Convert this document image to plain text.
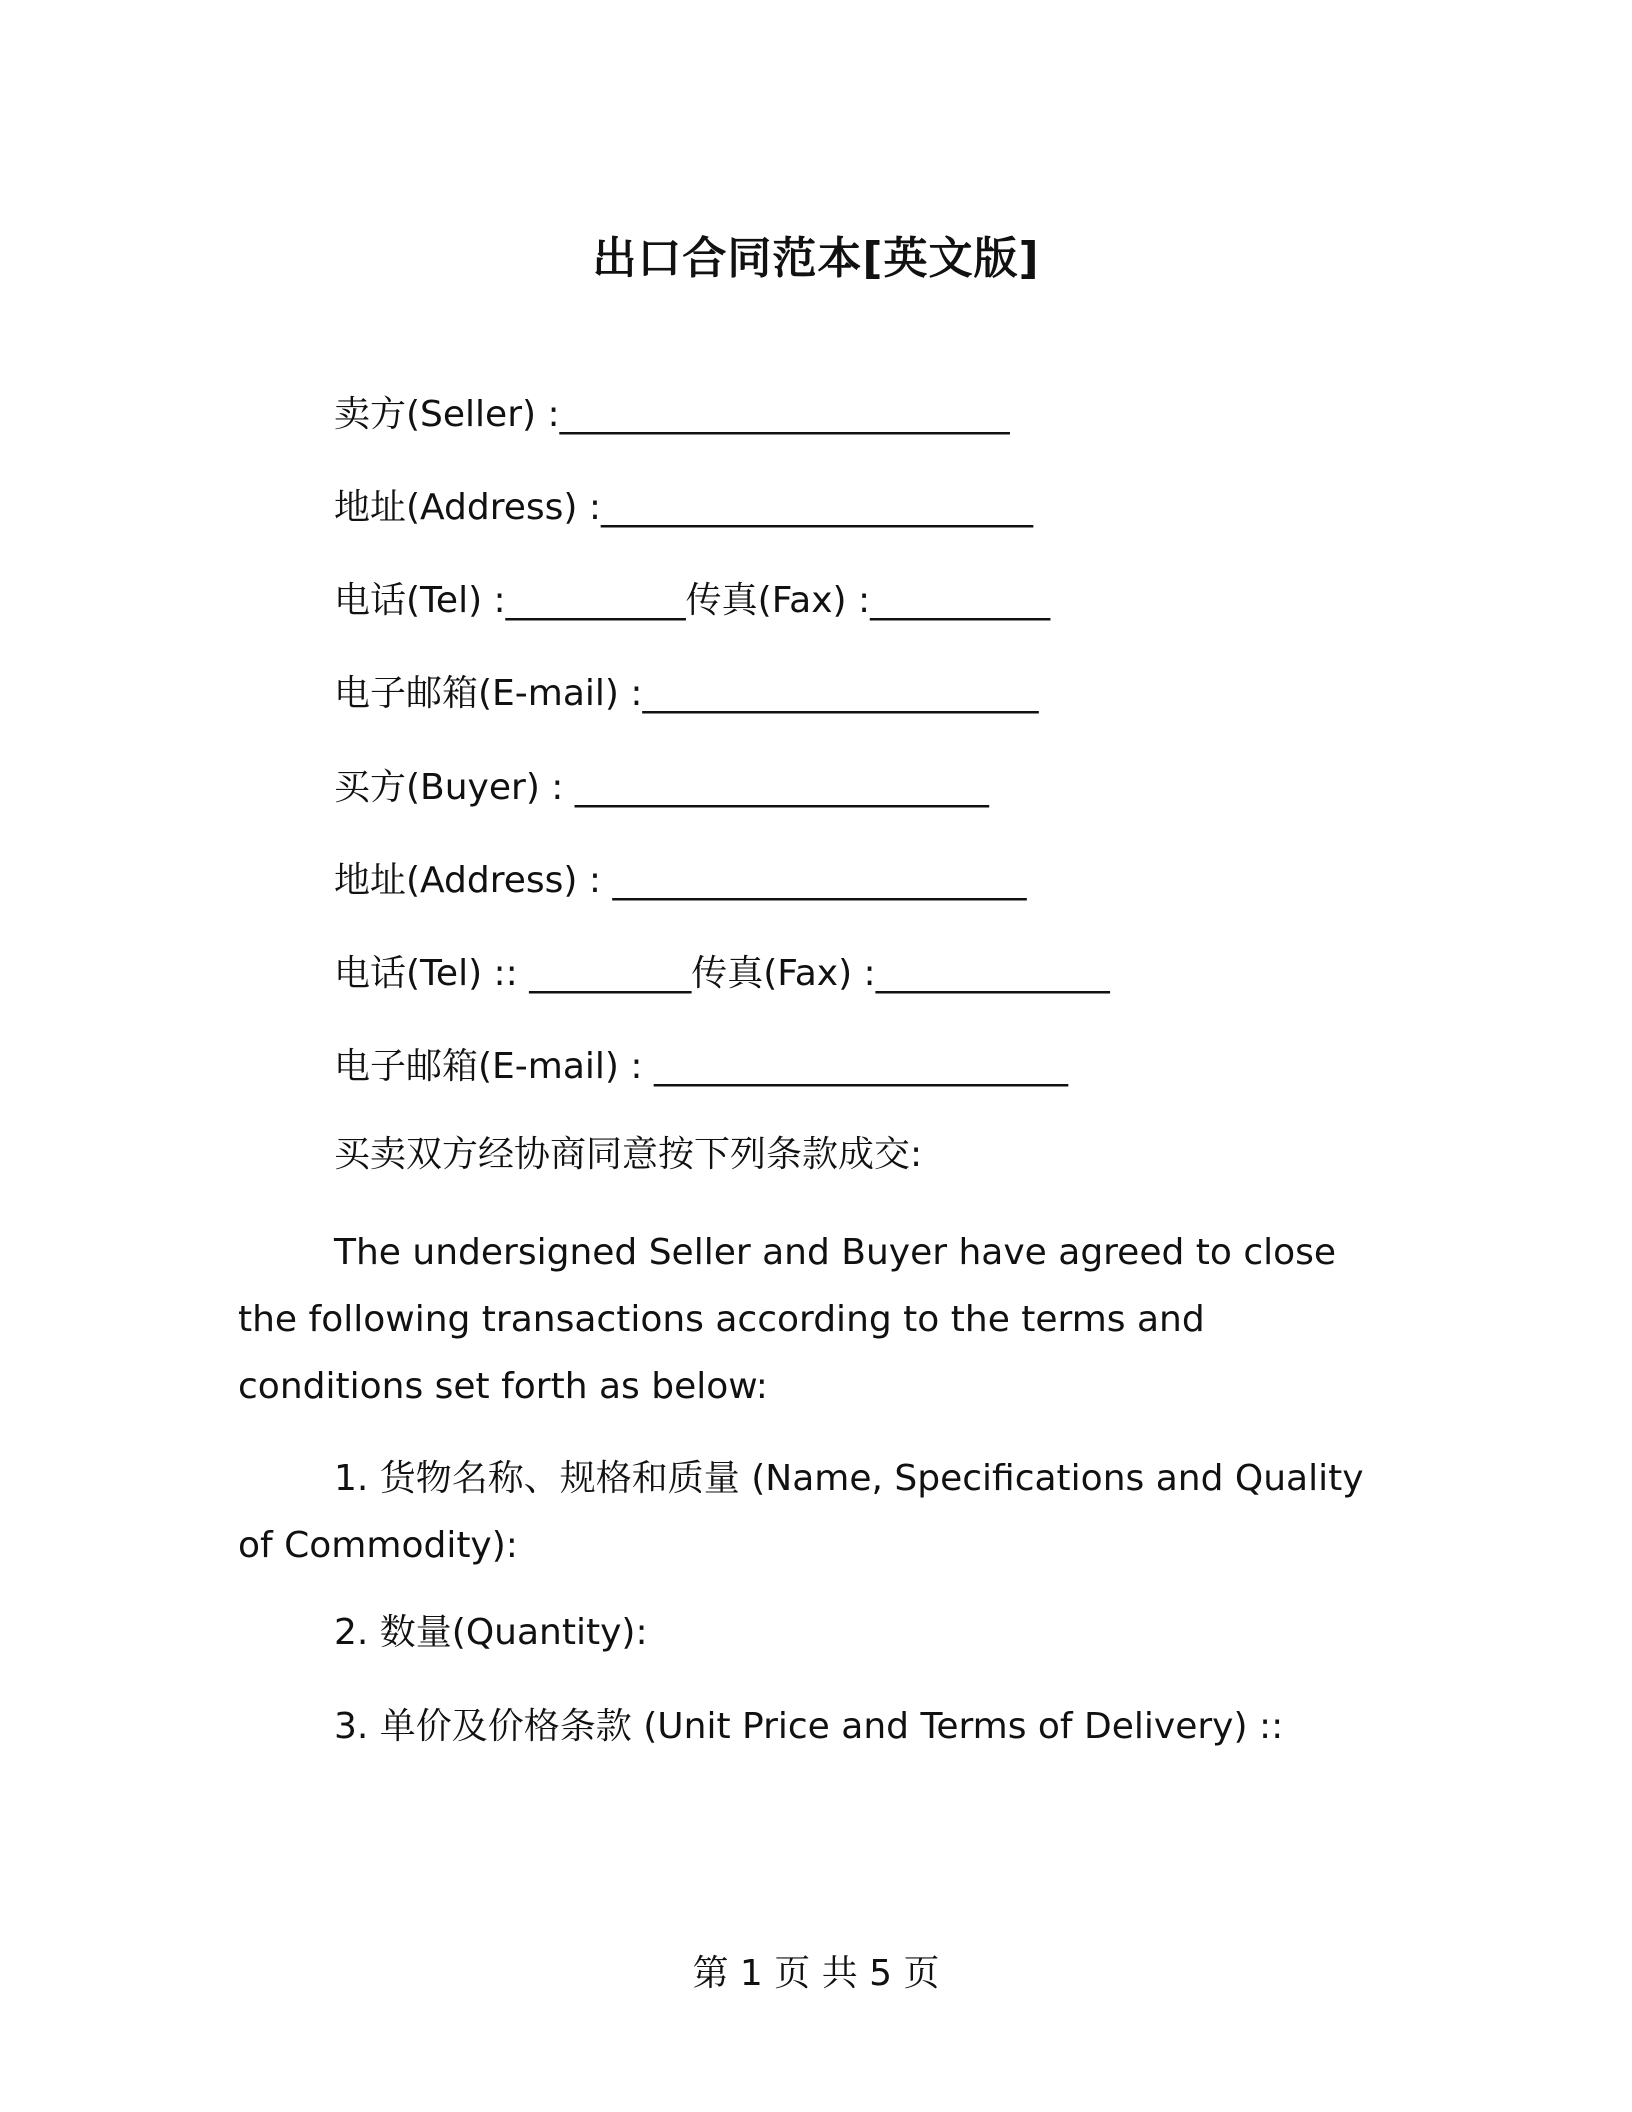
出口合同范本[英文版]
卖方(Seller) :_________________________
地址(Address) :________________________
电话(Tel) :__________传真(Fax) :__________
电子邮箱(E-mail) :______________________
买方(Buyer) : _______________________
地址(Address) : _______________________
电话(Tel) :: _________传真(Fax) :_____________
电子邮箱(E-mail) : _______________________
买卖双方经协商同意按下列条款成交:
The undersigned Seller and Buyer have agreed to close the following transactions according to the terms and conditions set forth as below:
1. 货物名称、规格和质量 (Name, Specifications and Quality of Commodity):
2. 数量(Quantity):
3. 单价及价格条款 (Unit Price and Terms of Delivery) ::
第 1 页 共 5 页
